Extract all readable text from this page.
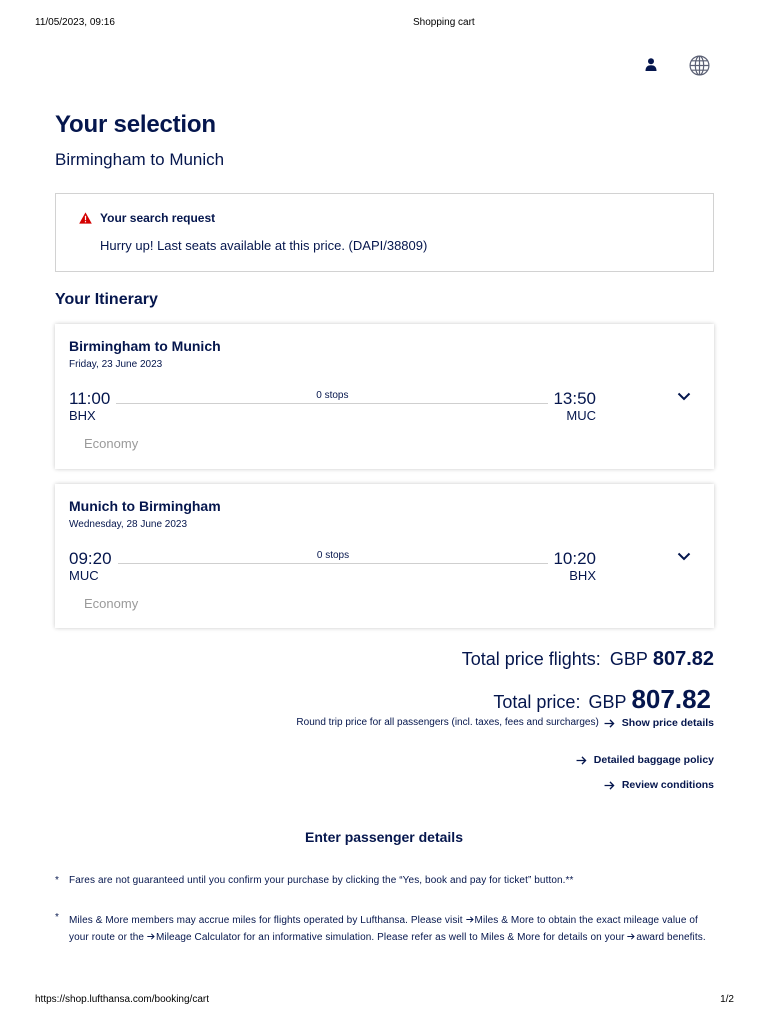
11/05/2023, 09:16	Shopping cart
Your selection
Birmingham to Munich
Your search request
Hurry up! Last seats available at this price. (DAPI/38809)
Your Itinerary
Birmingham to Munich
Friday, 23 June 2023
11:00	0 stops	13:50
BHX	MUC
Economy
Munich to Birmingham
Wednesday, 28 June 2023
09:20	0 stops	10:20
MUC	BHX
Economy
Total price flights: GBP 807.82
Total price: GBP 807.82
Round trip price for all passengers (incl. taxes, fees and surcharges) Show price details
Detailed baggage policy
Review conditions
Enter passenger details
* Fares are not guaranteed until you confirm your purchase by clicking the “Yes, book and pay for ticket” button.**
* Miles & More members may accrue miles for flights operated by Lufthansa. Please visit Miles & More to obtain the exact mileage value of your route or the Mileage Calculator for an informative simulation. Please refer as well to Miles & More for details on your award benefits.
https://shop.lufthansa.com/booking/cart	1/2
